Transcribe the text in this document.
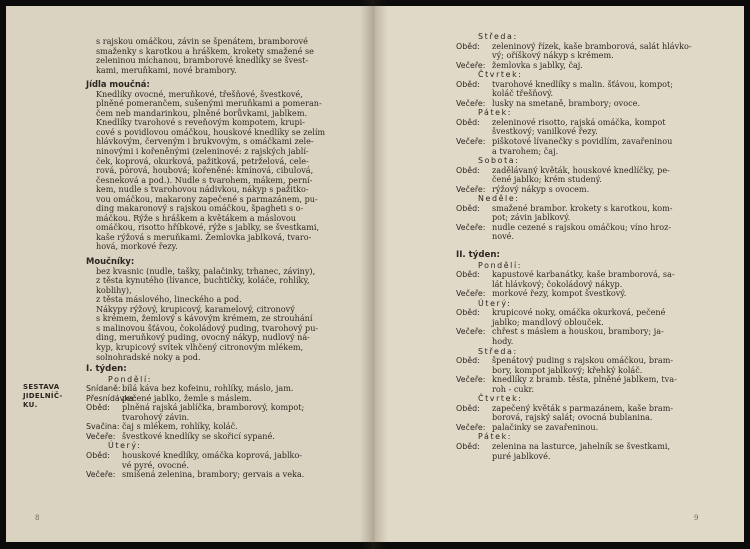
SESTAVA
JIDELNÍČ-
KU.
s rajskou omáčkou, závin se špenátem, bramborové
smaženky s karotkou a hráškem, krokety smažené se
zeleninou míchanou, bramborové knedlíky se švest-
kami, meruňkami, nové brambory.
Jídla moučná:
Knedlíky ovocné, meruňkové, třešňové, švestkové,
plněné pomerančem, sušenými meruňkami a pomeran-
čem neb mandarinkou, plněné borůvkami, jablkem.
Knedlíky tvarohové s reveňovým kompotem, krupi-
cové s povidlovou omáčkou, houskové knedlíky se zelím
hlávkovým, červeným i brukvovým, s omáčkami zele-
ninovými i kořeněnými (zeleninové: z rajských jablí-
ček, koprová, okurková, pažitková, petrželová, cele-
rová, pórová, houbová; kořeněné: kmínová, cibulová,
česneková a pod.). Nudle s tvarohem, mákem, perní-
kem, nudle s tvarohovou nádivkou, nákyp s pažitko-
vou omáčkou, makarony zapečené s parmazánem, pu-
ding makaronový s rajskou omáčkou, špagheti s o-
máčkou. Rýže s hráškem a květákem a máslovou
omáčkou, risotto hříbkové, rýže s jablky, se švestkami,
kaše rýžová s meruňkami. Žemlovka jablková, tvaro-
hová, morkové řezy.
Moučníky:
bez kvasnic (nudle, tašky, palačinky, trhanec, záviny),
z těsta kynutého (lívance, buchtičky, koláče, rohlíky,
koblihy),
z těsta máslového, lineckého a pod.
Nákypy rýžový, krupicový, karamelový, citronový
s krémem, žemlový s kávovým krémem, ze strouhání
s malinovou šťávou, čokoládový puding, tvarohový pu-
ding, meruňkový puding, ovocný nákyp, nudlový ná-
kyp, krupicový svítek vlhčený citronovým mlékem,
solnohradské noky a pod.
I. týden:
Pondělí:
Snídaně: bílá káva bez kofeinu, rohlíky, máslo, jam.
Přesnídávka:
pečené jablko, žemle s máslem.
Oběd:	plněná rajská jablíčka, bramborový, kompot;
tvarohový závin.
Svačina: čaj s mlékem, rohlíky, koláč.
Večeře: švestkové knedlíky se skořicí sypané.
Úterý:
Oběd:	houskové knedlíky, omáčka koprová, jablko-
vé pyré, ovocné.
Večeře: smíšená zelenina, brambory; gervais a veka.
8
Středa:
Oběd:	zeleninový řízek, kaše bramborová, salát hlávko-
vý; oříškový nákyp s krémem.
Večeře: žemlovka s jablky, čaj.
Čtvrtek:
Oběd:	tvarohové knedlíky s malin. šťávou, kompot;
koláč třešňový.
Večeře: lusky na smetaně, brambory; ovoce.
Pátek:
Oběd:	zeleninové risotto, rajská omáčka, kompot
švestkový; vanilkové řezy.
Večeře: piškotové lívanečky s povidlím, zavařeninou
a tvarohem; čaj.
Sobota:
Oběd:	zadělávaný květák, houskové knedlíčky, pe-
čené jablko; krém studený.
Večeře: rýžový nákyp s ovocem.
Neděle:
Oběd:	smažené brambor. krokety s karotkou, kom-
pot; závin jablkový.
Večeře: nudle cezené s rajskou omáčkou; víno hroz-
nové.
II. týden:
Pondělí:
Oběd:	kapustové karbanátky, kaše bramborová, sa-
lát hlávkový; čokoládový nákyp.
Večeře: morkové řezy, kompot švestkový.
Úterý:
Oběd:	krupicové noky, omáčka okurková, pečené
jablko; mandlový oblouček.
Večeře: chřest s máslem a houskou, brambory; ja-
hody.
Středa:
Oběd:	špenátový puding s rajskou omáčkou, bram-
bory, kompot jablkový; křehký koláč.
Večeře: knedlíky z bramb. těsta, plněné jablkem, tva-
roh - cukr.
Čtvrtek:
Oběd:	zapečený květák s parmazánem, kaše bram-
borová, rajský salát; ovocná bublanina.
Večeře: palačinky se zavařeninou.
Pátek:
Oběd:	zelenina na lasturce, jahelník se švestkami,
puré jablkové.
9
